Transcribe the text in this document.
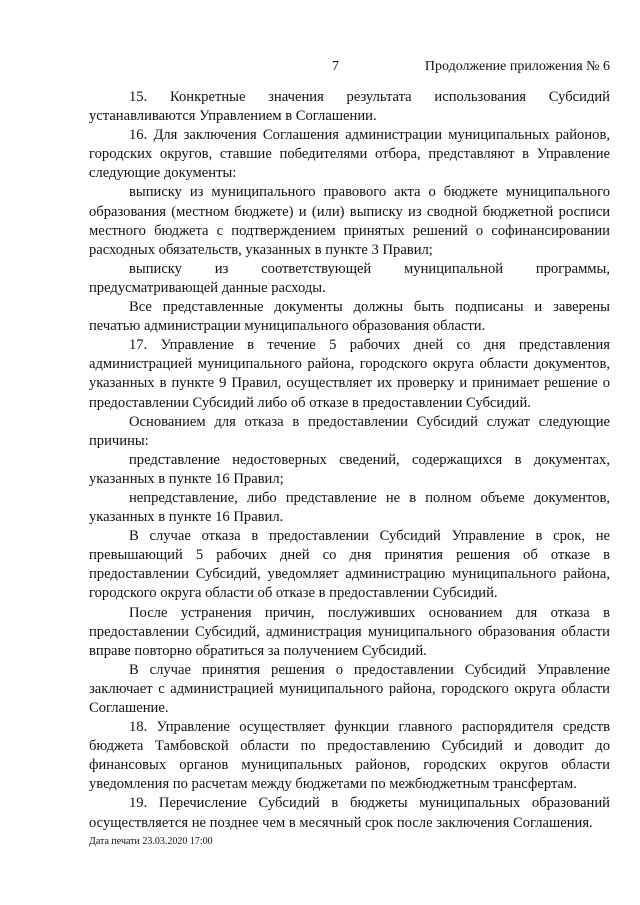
7	Продолжение приложения № 6

15. Конкретные значения результата использования Субсидий устанавливаются Управлением в Соглашении.

16. Для заключения Соглашения администрации муниципальных районов, городских округов, ставшие победителями отбора, представляют в Управление следующие документы:

выписку из муниципального правового акта о бюджете муниципального образования (местном бюджете) и (или) выписку из сводной бюджетной росписи местного бюджета с подтверждением принятых решений о софинансировании расходных обязательств, указанных в пункте 3 Правил;

выписку из соответствующей муниципальной программы, предусматривающей данные расходы.

Все представленные документы должны быть подписаны и заверены печатью администрации муниципального образования области.

17. Управление в течение 5 рабочих дней со дня представления администрацией муниципального района, городского округа области документов, указанных в пункте 9 Правил, осуществляет их проверку и принимает решение о предоставлении Субсидий либо об отказе в предоставлении Субсидий.

Основанием для отказа в предоставлении Субсидий служат следующие причины:

представление недостоверных сведений, содержащихся в документах, указанных в пункте 16 Правил;

непредставление, либо представление не в полном объеме документов, указанных в пункте 16 Правил.

В случае отказа в предоставлении Субсидий Управление в срок, не превышающий 5 рабочих дней со дня принятия решения об отказе в предоставлении Субсидий, уведомляет администрацию муниципального района, городского округа области об отказе в предоставлении Субсидий.

После устранения причин, послуживших основанием для отказа в предоставлении Субсидий, администрация муниципального образования области вправе повторно обратиться за получением Субсидий.

В случае принятия решения о предоставлении Субсидий Управление заключает с администрацией муниципального района, городского округа области Соглашение.

18. Управление осуществляет функции главного распорядителя средств бюджета Тамбовской области по предоставлению Субсидий и доводит до финансовых органов муниципальных районов, городских округов области уведомления по расчетам между бюджетами по межбюджетным трансфертам.

19. Перечисление Субсидий в бюджеты муниципальных образований осуществляется не позднее чем в месячный срок после заключения Соглашения.

Дата печати 23.03.2020 17:00
